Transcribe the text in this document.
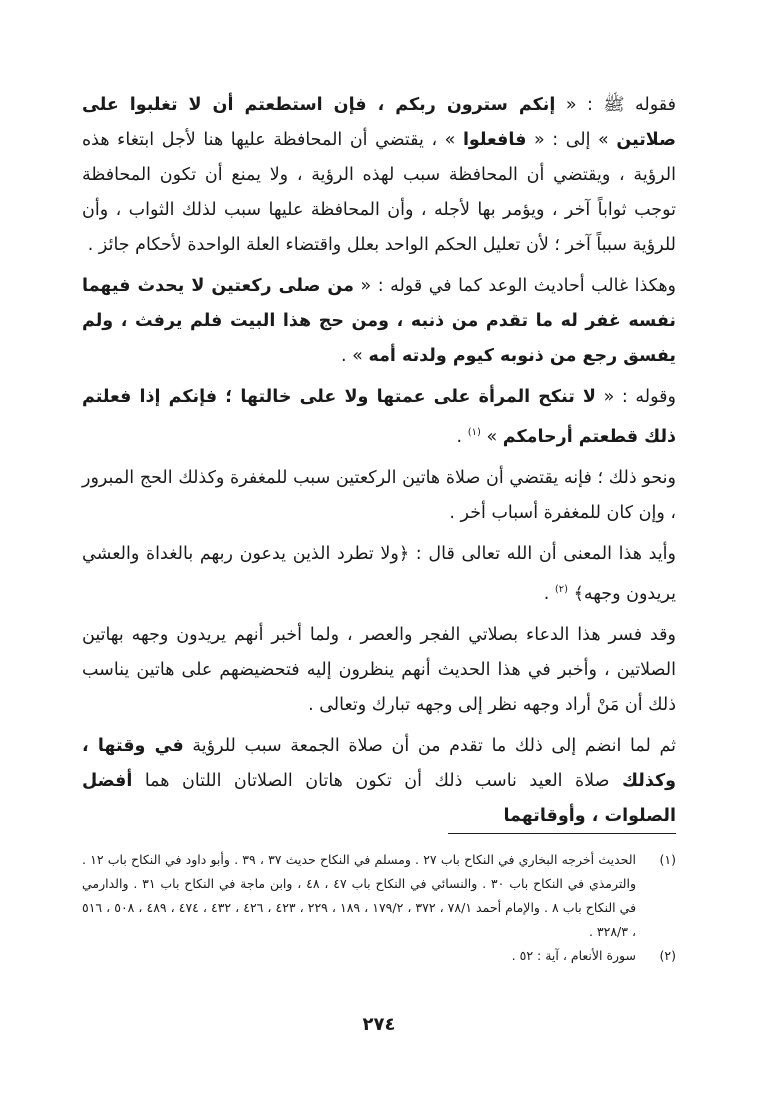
فقوله ﷺ : « إنكم سترون ربكم ، فإن استطعتم أن لا تغلبوا على صلاتين » إلى : « فافعلوا » ، يقتضي أن المحافظة عليها هنا لأجل ابتغاء هذه الرؤية ، ويقتضي أن المحافظة سبب لهذه الرؤية ، ولا يمنع أن تكون المحافظة توجب ثواباً آخر ، ويؤمر بها لأجله ، وأن المحافظة عليها سبب لذلك الثواب ، وأن للرؤية سبباً آخر ؛ لأن تعليل الحكم الواحد بعلل واقتضاء العلة الواحدة لأحكام جائز .

وهكذا غالب أحاديث الوعد كما في قوله : « من صلى ركعتين لا يحدث فيهما نفسه غفر له ما تقدم من ذنبه ، ومن حج هذا البيت فلم يرفث ، ولم يفسق رجع من ذنوبه كيوم ولدته أمه » .

وقوله : « لا تنكح المرأة على عمتها ولا على خالتها ؛ فإنكم إذا فعلتم ذلك قطعتم أرحامكم » $^{(١)}$ .

ونحو ذلك ؛ فإنه يقتضي أن صلاة هاتين الركعتين سبب للمغفرة وكذلك الحج المبرور ، وإن كان للمغفرة أسباب أخر .

وأيد هذا المعنى أن الله تعالى قال : ﴿ولا تطرد الذين يدعون ربهم بالغداة والعشي يريدون وجهه﴾ $^{(٢)}$ .

وقد فسر هذا الدعاء بصلاتي الفجر والعصر ، ولما أخبر أنهم يريدون وجهه بهاتين الصلاتين ، وأخبر في هذا الحديث أنهم ينظرون إليه فتحضيضهم على هاتين يناسب ذلك أن مَنْ أراد وجهه نظر إلى وجهه تبارك وتعالى .

ثم لما انضم إلى ذلك ما تقدم من أن صلاة الجمعة سبب للرؤية في وقتها ، وكذلك صلاة العيد ناسب ذلك أن تكون هاتان الصلاتان اللتان هما أفضل الصلوات ، وأوقاتهما

(١)
الحديث أخرجه البخاري في النكاح باب ٢٧ . ومسلم في النكاح حديث ٣٧ ، ٣٩ . وأبو داود في النكاح باب ١٢ . والترمذي في النكاح باب ٣٠ . والنسائي في النكاح باب ٤٧ ، ٤٨ ، وابن ماجة في النكاح باب ٣١ . والدارمي في النكاح باب ٨ . والإمام أحمد ٧٨/١ ، ٣٧٢ ، ١٧٩/٢ ، ١٨٩ ، ٢٢٩ ، ٤٢٣ ، ٤٢٦ ، ٤٣٢ ، ٤٧٤ ، ٤٨٩ ، ٥٠٨ ، ٥١٦ ، ٣٢٨/٣ .
(٢)
سورة الأنعام ، آية : ٥٢ .
٢٧٤
